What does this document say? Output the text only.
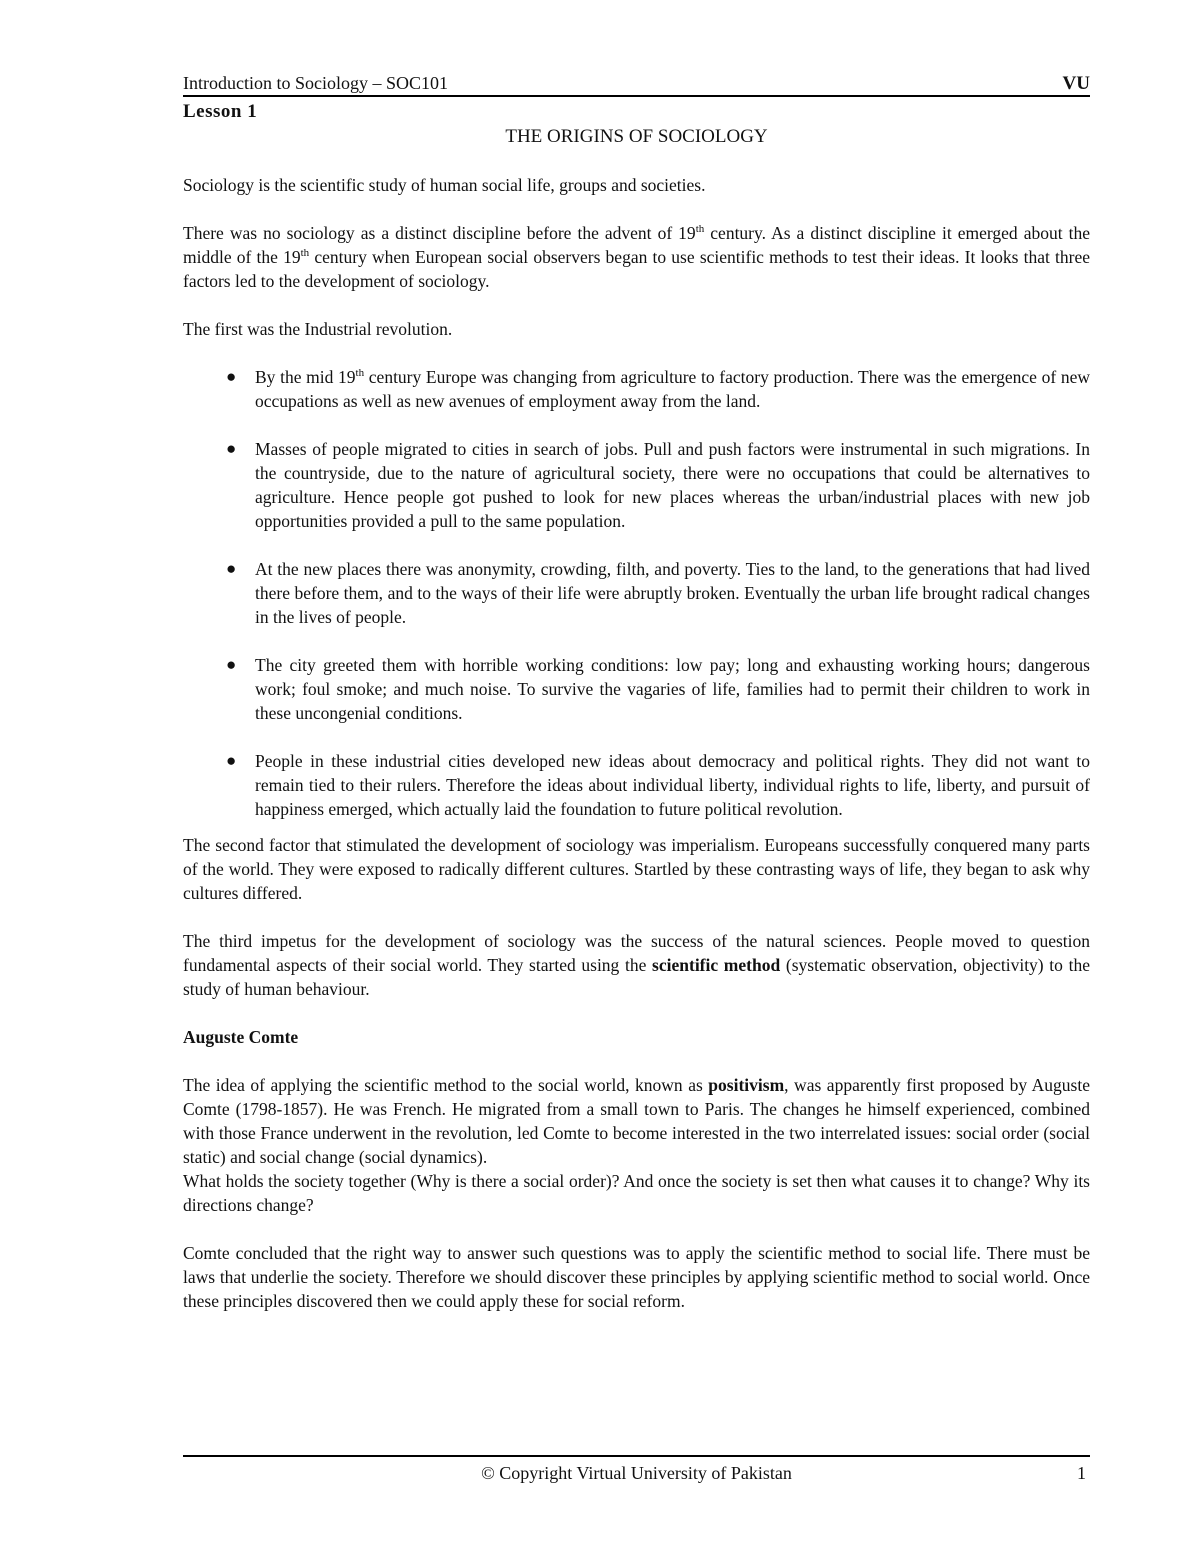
Introduction to Sociology – SOC101	VU
Lesson 1
THE ORIGINS OF SOCIOLOGY

Sociology is the scientific study of human social life, groups and societies.

There was no sociology as a distinct discipline before the advent of 19th century. As a distinct discipline it emerged about the middle of the 19th century when European social observers began to use scientific methods to test their ideas. It looks that three factors led to the development of sociology.

The first was the Industrial revolution.

● By the mid 19th century Europe was changing from agriculture to factory production. There was the emergence of new occupations as well as new avenues of employment away from the land.
● Masses of people migrated to cities in search of jobs. Pull and push factors were instrumental in such migrations. In the countryside, due to the nature of agricultural society, there were no occupations that could be alternatives to agriculture. Hence people got pushed to look for new places whereas the urban/industrial places with new job opportunities provided a pull to the same population.
● At the new places there was anonymity, crowding, filth, and poverty. Ties to the land, to the generations that had lived there before them, and to the ways of their life were abruptly broken. Eventually the urban life brought radical changes in the lives of people.
● The city greeted them with horrible working conditions: low pay; long and exhausting working hours; dangerous work; foul smoke; and much noise. To survive the vagaries of life, families had to permit their children to work in these uncongenial conditions.
● People in these industrial cities developed new ideas about democracy and political rights. They did not want to remain tied to their rulers. Therefore the ideas about individual liberty, individual rights to life, liberty, and pursuit of happiness emerged, which actually laid the foundation to future political revolution.

The second factor that stimulated the development of sociology was imperialism. Europeans successfully conquered many parts of the world. They were exposed to radically different cultures. Startled by these contrasting ways of life, they began to ask why cultures differed.

The third impetus for the development of sociology was the success of the natural sciences. People moved to question fundamental aspects of their social world. They started using the scientific method (systematic observation, objectivity) to the study of human behaviour.

Auguste Comte

The idea of applying the scientific method to the social world, known as positivism, was apparently first proposed by Auguste Comte (1798-1857). He was French. He migrated from a small town to Paris. The changes he himself experienced, combined with those France underwent in the revolution, led Comte to become interested in the two interrelated issues: social order (social static) and social change (social dynamics).

What holds the society together (Why is there a social order)? And once the society is set then what causes it to change? Why its directions change?

Comte concluded that the right way to answer such questions was to apply the scientific method to social life. There must be laws that underlie the society. Therefore we should discover these principles by applying scientific method to social world. Once these principles discovered then we could apply these for social reform.

© Copyright Virtual University of Pakistan	1
